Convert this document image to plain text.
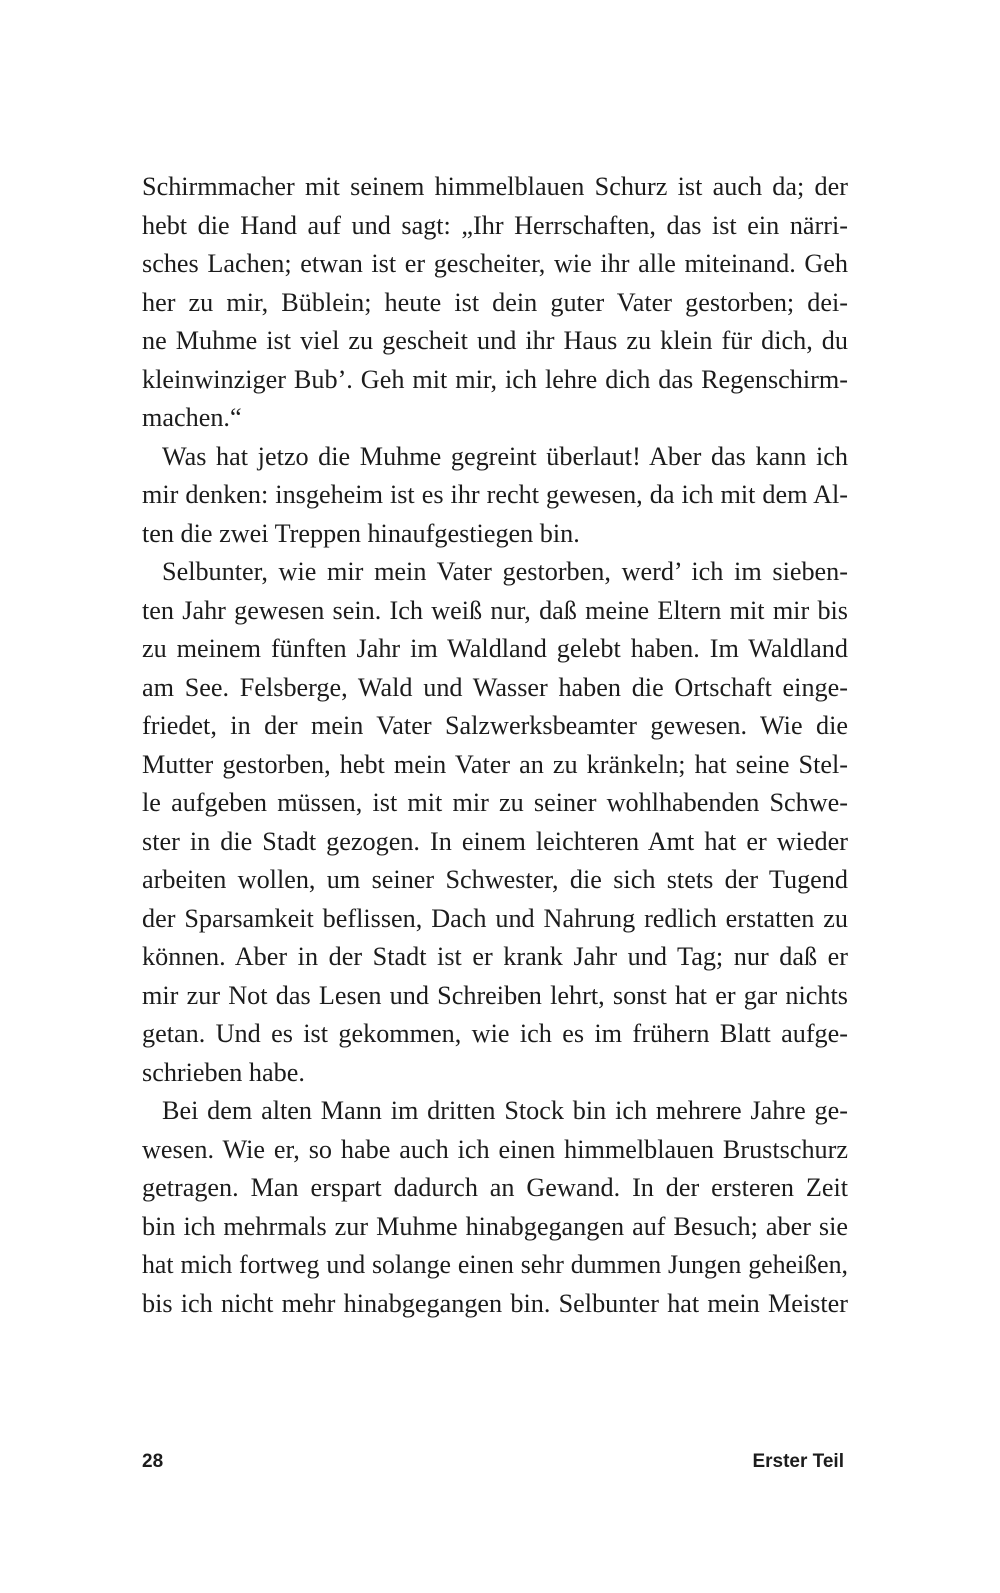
Schirmmacher mit seinem himmelblauen Schurz ist auch da; der
hebt die Hand auf und sagt: „Ihr Herrschaften, das ist ein närri-
sches Lachen; etwan ist er gescheiter, wie ihr alle miteinand. Geh
her zu mir, Büblein; heute ist dein guter Vater gestorben; dei-
ne Muhme ist viel zu gescheit und ihr Haus zu klein für dich, du
kleinwinziger Bub’. Geh mit mir, ich lehre dich das Regenschirm-
machen.“
Was hat jetzo die Muhme gegreint überlaut! Aber das kann ich
mir denken: insgeheim ist es ihr recht gewesen, da ich mit dem Al-
ten die zwei Treppen hinaufgestiegen bin.
Selbunter, wie mir mein Vater gestorben, werd’ ich im sieben-
ten Jahr gewesen sein. Ich weiß nur, daß meine Eltern mit mir bis
zu meinem fünften Jahr im Waldland gelebt haben. Im Waldland
am See. Felsberge, Wald und Wasser haben die Ortschaft einge-
friedet, in der mein Vater Salzwerksbeamter gewesen. Wie die
Mutter gestorben, hebt mein Vater an zu kränkeln; hat seine Stel-
le aufgeben müssen, ist mit mir zu seiner wohlhabenden Schwe-
ster in die Stadt gezogen. In einem leichteren Amt hat er wieder
arbeiten wollen, um seiner Schwester, die sich stets der Tugend
der Sparsamkeit beflissen, Dach und Nahrung redlich erstatten zu
können. Aber in der Stadt ist er krank Jahr und Tag; nur daß er
mir zur Not das Lesen und Schreiben lehrt, sonst hat er gar nichts
getan. Und es ist gekommen, wie ich es im frühern Blatt aufge-
schrieben habe.
Bei dem alten Mann im dritten Stock bin ich mehrere Jahre ge-
wesen. Wie er, so habe auch ich einen himmelblauen Brustschurz
getragen. Man erspart dadurch an Gewand. In der ersteren Zeit
bin ich mehrmals zur Muhme hinabgegangen auf Besuch; aber sie
hat mich fortweg und solange einen sehr dummen Jungen geheißen,
bis ich nicht mehr hinabgegangen bin. Selbunter hat mein Meister
28	Erster Teil
